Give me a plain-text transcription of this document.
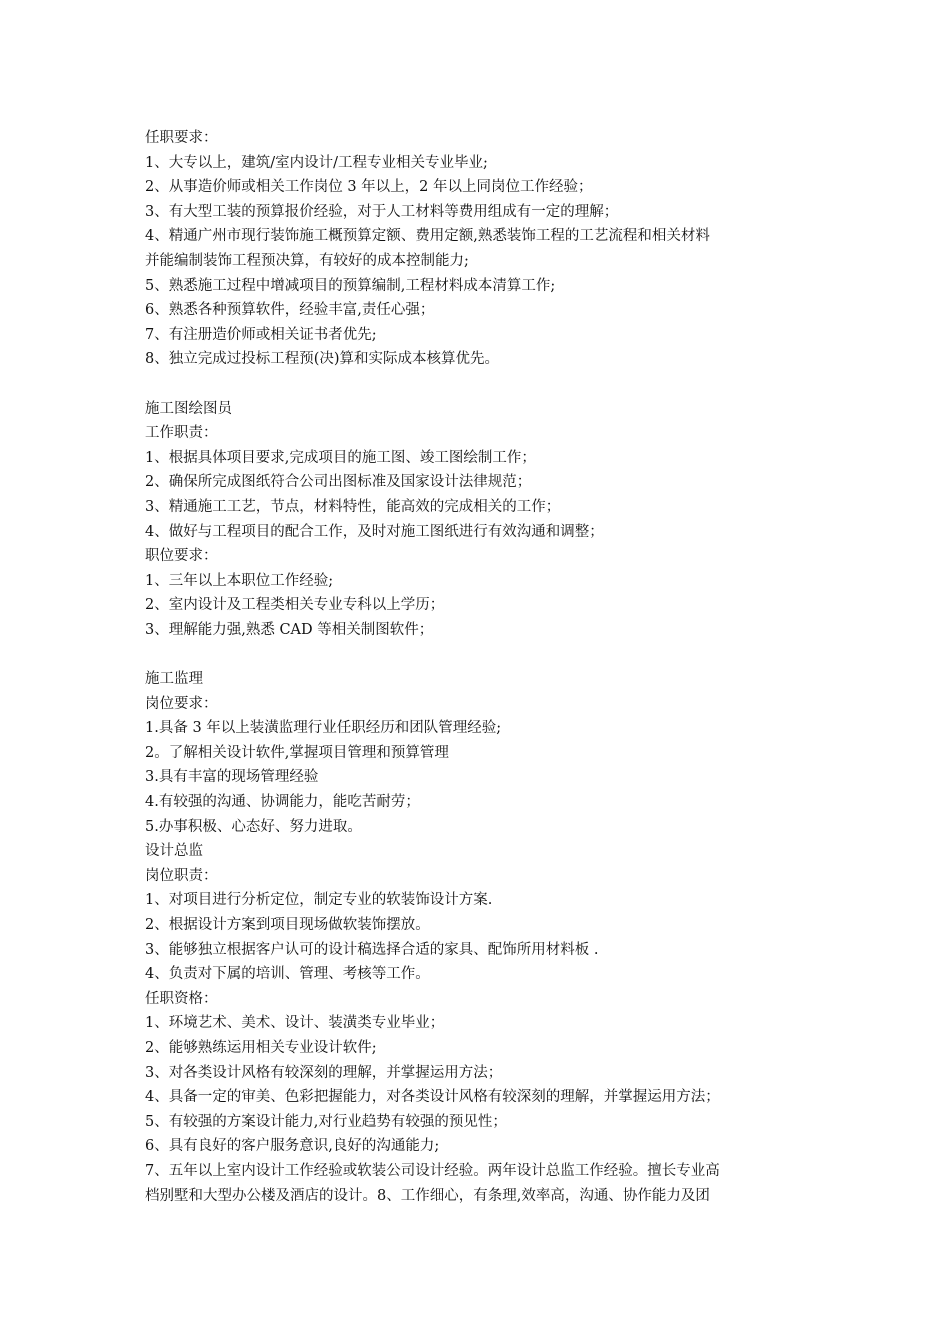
任职要求：

1、大专以上，建筑/室内设计/工程专业相关专业毕业;

2、从事造价师或相关工作岗位 3 年以上，2 年以上同岗位工作经验；

3、有大型工装的预算报价经验，对于人工材料等费用组成有一定的理解；

4、精通广州市现行装饰施工概预算定额、费用定额,熟悉装饰工程的工艺流程和相关材料

并能编制装饰工程预决算，有较好的成本控制能力;

5、熟悉施工过程中增减项目的预算编制,工程材料成本清算工作;

6、熟悉各种预算软件，经验丰富,责任心强；

7、有注册造价师或相关证书者优先;

8、独立完成过投标工程预(决)算和实际成本核算优先。

施工图绘图员

工作职责：

1、根据具体项目要求,完成项目的施工图、竣工图绘制工作；

2、确保所完成图纸符合公司出图标准及国家设计法律规范；

3、精通施工工艺，节点，材料特性，能高效的完成相关的工作；

4、做好与工程项目的配合工作，及时对施工图纸进行有效沟通和调整；

职位要求：

1、三年以上本职位工作经验;

2、室内设计及工程类相关专业专科以上学历；

3、理解能力强,熟悉 CAD 等相关制图软件；

施工监理

岗位要求：

1.具备 3 年以上装潢监理行业任职经历和团队管理经验;

2。了解相关设计软件,掌握项目管理和预算管理

3.具有丰富的现场管理经验

4.有较强的沟通、协调能力，能吃苦耐劳；

5.办事积极、心态好、努力进取。

设计总监

岗位职责：

1、对项目进行分析定位，制定专业的软装饰设计方案.

2、根据设计方案到项目现场做软装饰摆放。

3、能够独立根据客户认可的设计稿选择合适的家具、配饰所用材料板 .

4、负责对下属的培训、管理、考核等工作。

任职资格：

1、环境艺术、美术、设计、装潢类专业毕业；

2、能够熟练运用相关专业设计软件;

3、对各类设计风格有较深刻的理解，并掌握运用方法；

4、具备一定的审美、色彩把握能力，对各类设计风格有较深刻的理解，并掌握运用方法；

5、有较强的方案设计能力,对行业趋势有较强的预见性；

6、具有良好的客户服务意识,良好的沟通能力;

7、五年以上室内设计工作经验或软装公司设计经验。两年设计总监工作经验。擅长专业高

档别墅和大型办公楼及酒店的设计。8、工作细心，有条理,效率高，沟通、协作能力及团
